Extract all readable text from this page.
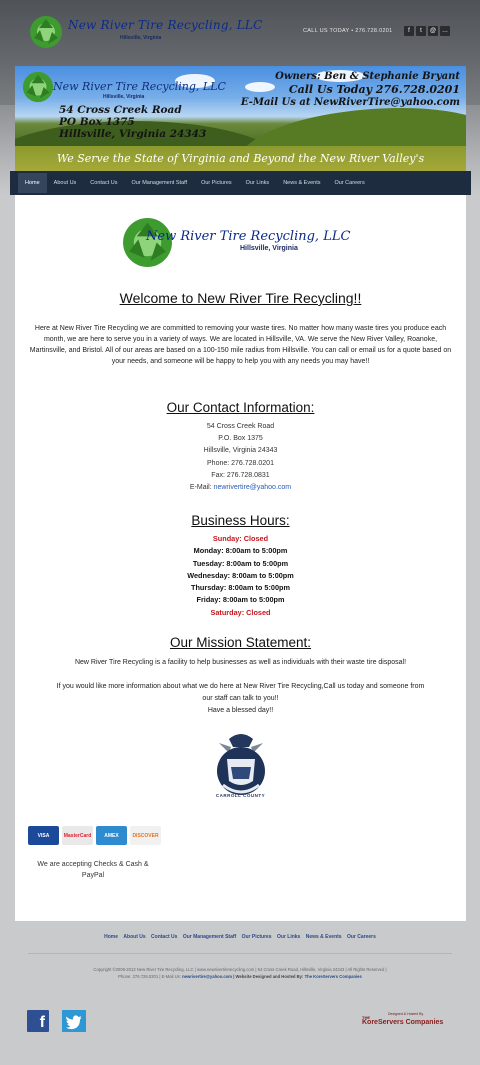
New River Tire Recycling, LLC
Hillsville, Virginia
CALL US TODAY • 276.728.0201	f	t	@ …
New River Tire Recycling, LLC
Hillsville, Virginia
54 Cross Creek Road
PO Box 1375
Hillsville, Virginia 24343
Owners: Ben & Stephanie Bryant
Call Us Today 276.728.0201
E-Mail Us at NewRiverTire@yahoo.com
We Serve the State of Virginia and Beyond the New River Valley's
Home	About Us	Contact Us	Our Management Staff	Our Pictures	Our Links	News & Events	Our Careers
New River Tire Recycling, LLC
Hillsville, Virginia
Welcome to New River Tire Recycling!!
Here at New River Tire Recycling we are committed to removing your waste tires. No matter how many waste tires you produce each month, we are here to serve you in a variety of ways. We are located in Hillsville, VA. We serve the New River Valley, Roanoke, Martinsville, and Bristol. All of our areas are based on a 100-150 mile radius from Hillsville. You can call or email us for a quote based on your needs, and someone will be happy to help you with any needs you may have!!
Our Contact Information:
54 Cross Creek Road
P.O. Box 1375
Hillsville, Virginia 24343
Phone: 276.728.0201
Fax: 276.728.0831
E-Mail: newrivertire@yahoo.com
Business Hours:
Sunday: Closed
Monday: 8:00am to 5:00pm
Tuesday: 8:00am to 5:00pm
Wednesday: 8:00am to 5:00pm
Thursday: 8:00am to 5:00pm
Friday: 8:00am to 5:00pm
Saturday: Closed
Our Mission Statement:
New River Tire Recycling is a facility to help businesses as well as individuals with their waste tire disposal!
If you would like more information about what we do here at New River Tire Recycling,Call us today and someone from our staff can talk to you!!
Have a blessed day!!
CARROLL COUNTY
VISA	MasterCard	AMEX	DISCOVER
We are accepting Checks & Cash & PayPal
Home About Us Contact Us Our Management Staff Our Pictures Our Links News & Events Our Careers
Copyright ©2009-2013 New River Tire Recycling, LLC | www.newrivertirerecycling.com | 54 Cross Creek Road, Hillsville, Virginia 24343 | All Rights Reserved |
Phone: 276.728.0201 | E-Mail Us: newrivertire@yahoo.com | Website Designed and Hosted By: The KoreServers Companies
f	Designed & Hosted By
THE
KoreServers Companies
